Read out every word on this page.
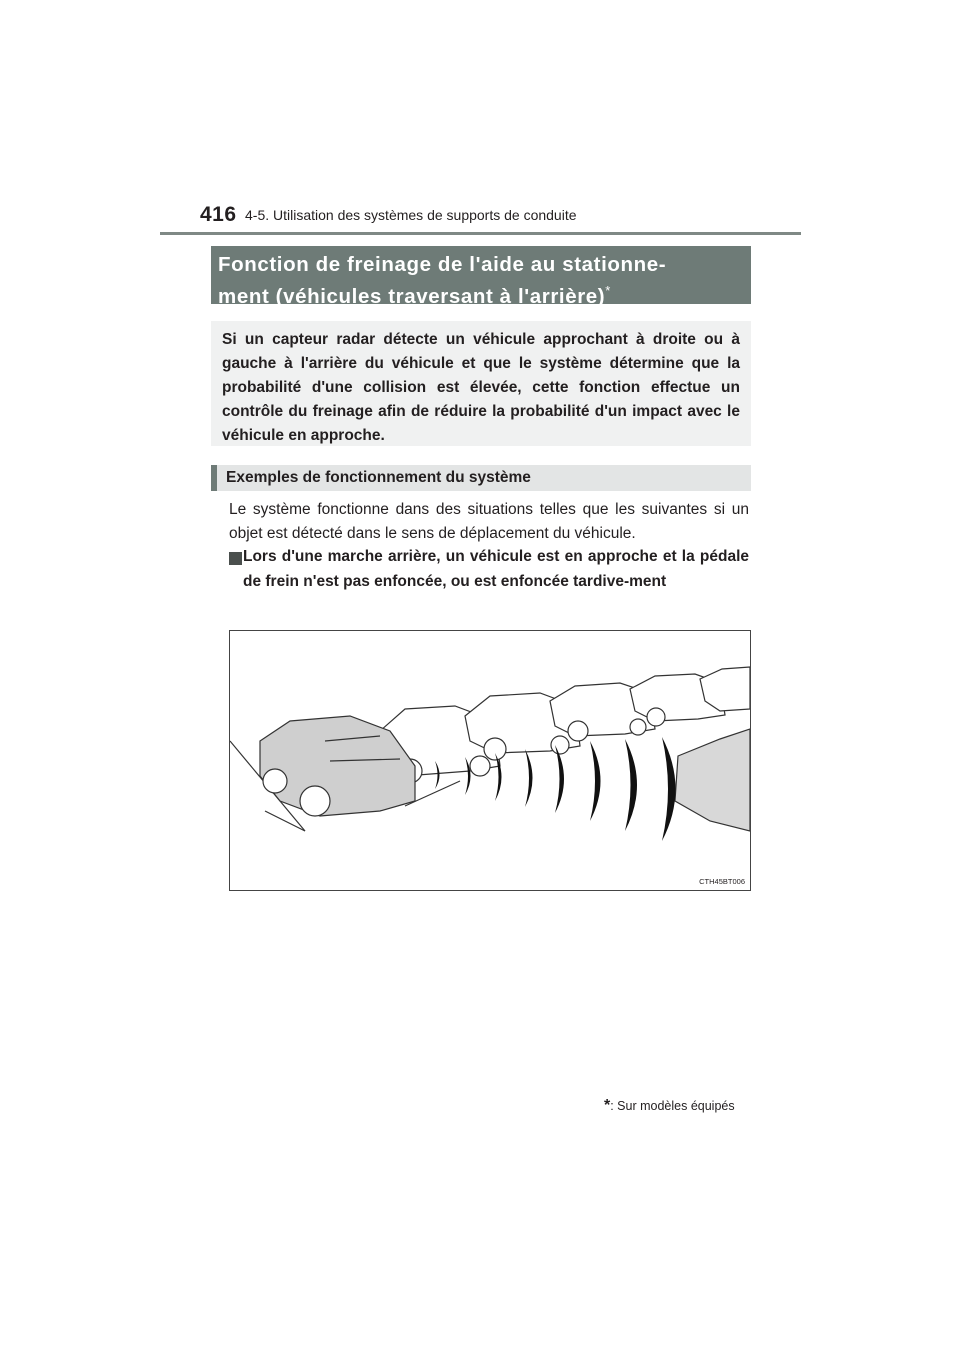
416 4-5. Utilisation des systèmes de supports de conduite
Fonction de freinage de l'aide au stationne-
ment (véhicules traversant à l'arrière)*
Si un capteur radar détecte un véhicule approchant à droite ou à gauche à l'arrière du véhicule et que le système détermine que la probabilité d'une collision est élevée, cette fonction effectue un contrôle du freinage afin de réduire la probabilité d'un impact avec le véhicule en approche.
Exemples de fonctionnement du système
Le système fonctionne dans des situations telles que les suivantes si un objet est détecté dans le sens de déplacement du véhicule.
Lors d'une marche arrière, un véhicule est en approche et la pédale de frein n'est pas enfoncée, ou est enfoncée tardive-ment
CTH45BT006
*: Sur modèles équipés
